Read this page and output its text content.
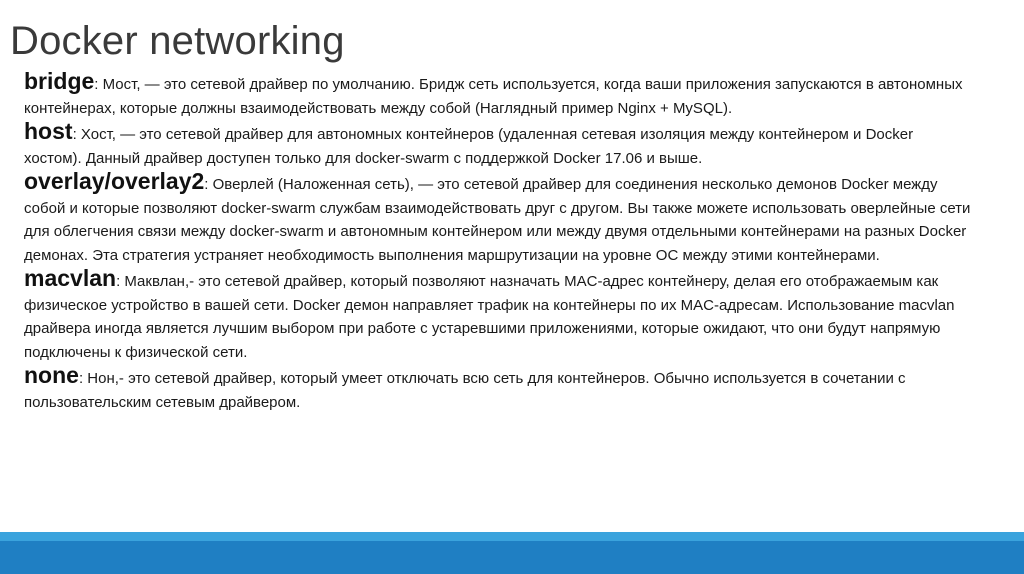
Docker networking

bridge: Мост, — это сетевой драйвер по умолчанию. Бридж сеть используется, когда ваши приложения запускаются в автономных контейнерах, которые должны взаимодействовать между собой (Наглядный пример Nginx + MySQL).

host: Хост, — это сетевой драйвер для автономных контейнеров (удаленная сетевая изоляция между контейнером и Docker хостом). Данный драйвер доступен только для docker-swarm с поддержкой Docker 17.06 и выше.

overlay/overlay2: Оверлей (Наложенная сеть), — это сетевой драйвер для соединения несколько демонов Docker между собой и которые позволяют docker-swarm службам взаимодействовать друг с другом. Вы также можете использовать оверлейные сети для облегчения связи между docker-swarm и автономным контейнером или между двумя отдельными контейнерами на разных Docker демонах. Эта стратегия устраняет необходимость выполнения маршрутизации на уровне ОС между этими контейнерами.

macvlan: Маквлан,- это сетевой драйвер, который позволяют назначать MAC-адрес контейнеру, делая его отображаемым как физическое устройство в вашей сети. Docker демон направляет трафик на контейнеры по их MAC-адресам. Использование macvlan драйвера иногда является лучшим выбором при работе с устаревшими приложениями, которые ожидают, что они будут напрямую подключены к физической сети.

none: Нон,- это сетевой драйвер, который умеет отключать всю сеть для контейнеров. Обычно используется в сочетании с пользовательским сетевым драйвером.
